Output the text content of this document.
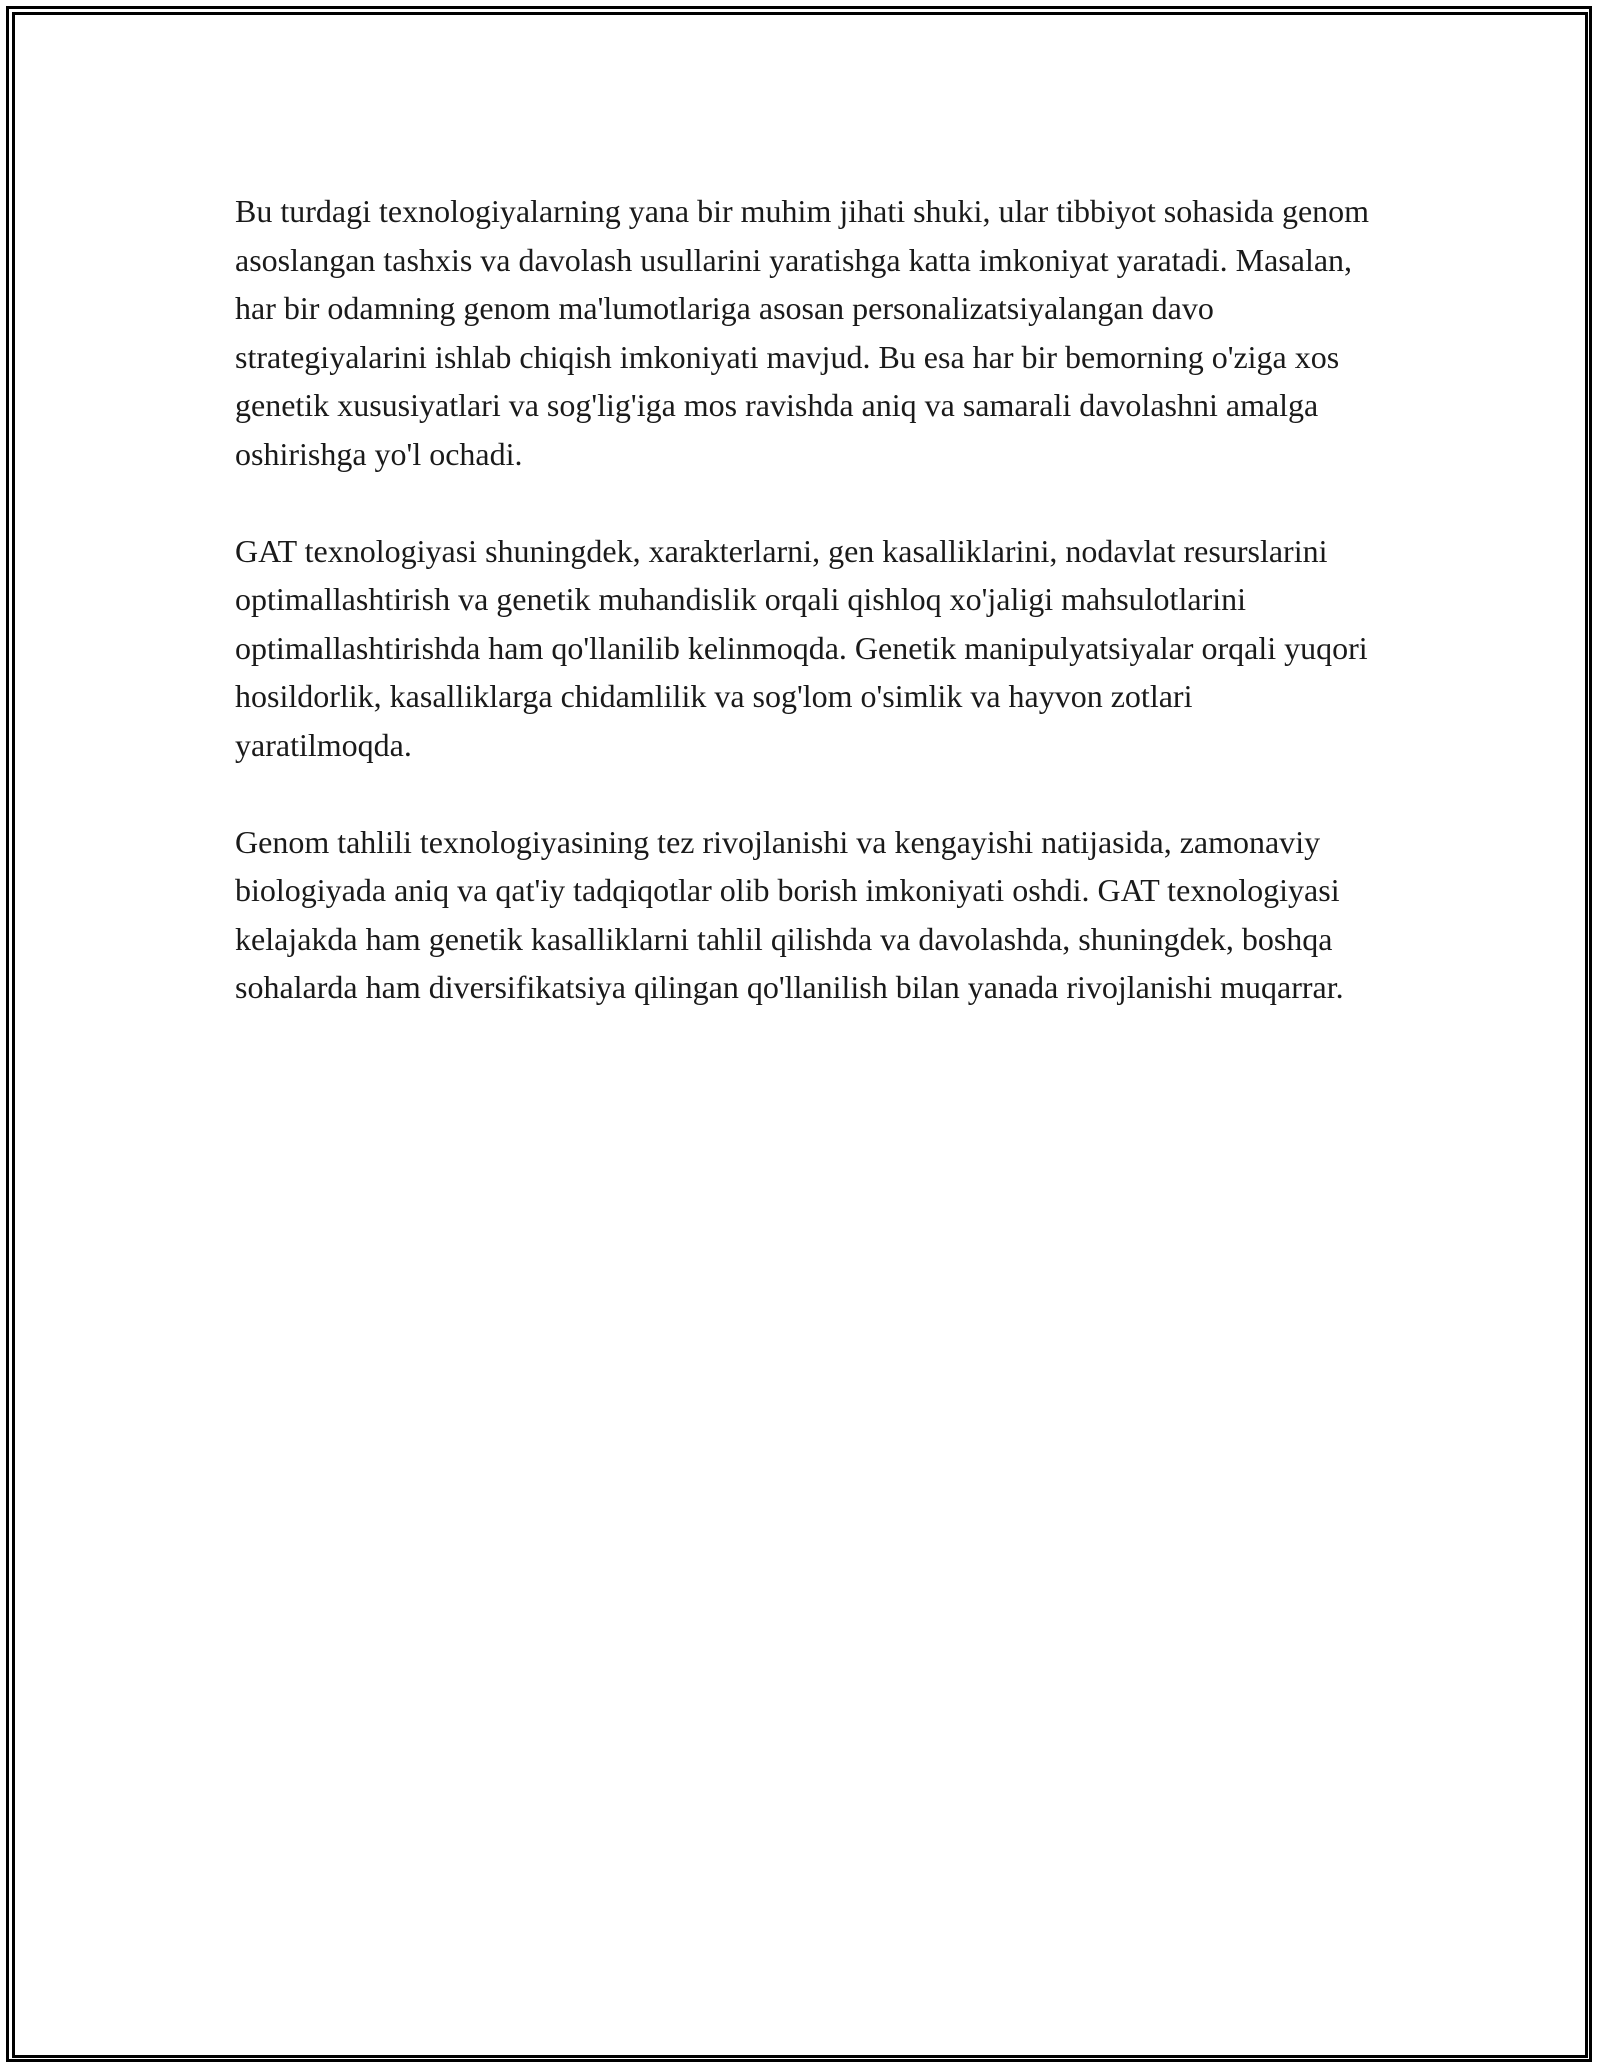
Bu turdagi texnologiyalarning yana bir muhim jihati shuki, ular tibbiyot sohasida genom asoslangan tashxis va davolash usullarini yaratishga katta imkoniyat yaratadi. Masalan, har bir odamning genom ma'lumotlariga asosan personalizatsiyalangan davo strategiyalarini ishlab chiqish imkoniyati mavjud. Bu esa har bir bemorning o'ziga xos genetik xususiyatlari va sog'lig'iga mos ravishda aniq va samarali davolashni amalga oshirishga yo'l ochadi.

GAT texnologiyasi shuningdek, xarakterlarni, gen kasalliklarini, nodavlat resurslarini optimallashtirish va genetik muhandislik orqali qishloq xo'jaligi mahsulotlarini optimallashtirishda ham qo'llanilib kelinmoqda. Genetik manipulyatsiyalar orqali yuqori hosildorlik, kasalliklarga chidamlilik va sog'lom o'simlik va hayvon zotlari yaratilmoqda.

Genom tahlili texnologiyasining tez rivojlanishi va kengayishi natijasida, zamonaviy biologiyada aniq va qat'iy tadqiqotlar olib borish imkoniyati oshdi. GAT texnologiyasi kelajakda ham genetik kasalliklarni tahlil qilishda va davolashda, shuningdek, boshqa sohalarda ham diversifikatsiya qilingan qo'llanilish bilan yanada rivojlanishi muqarrar.
